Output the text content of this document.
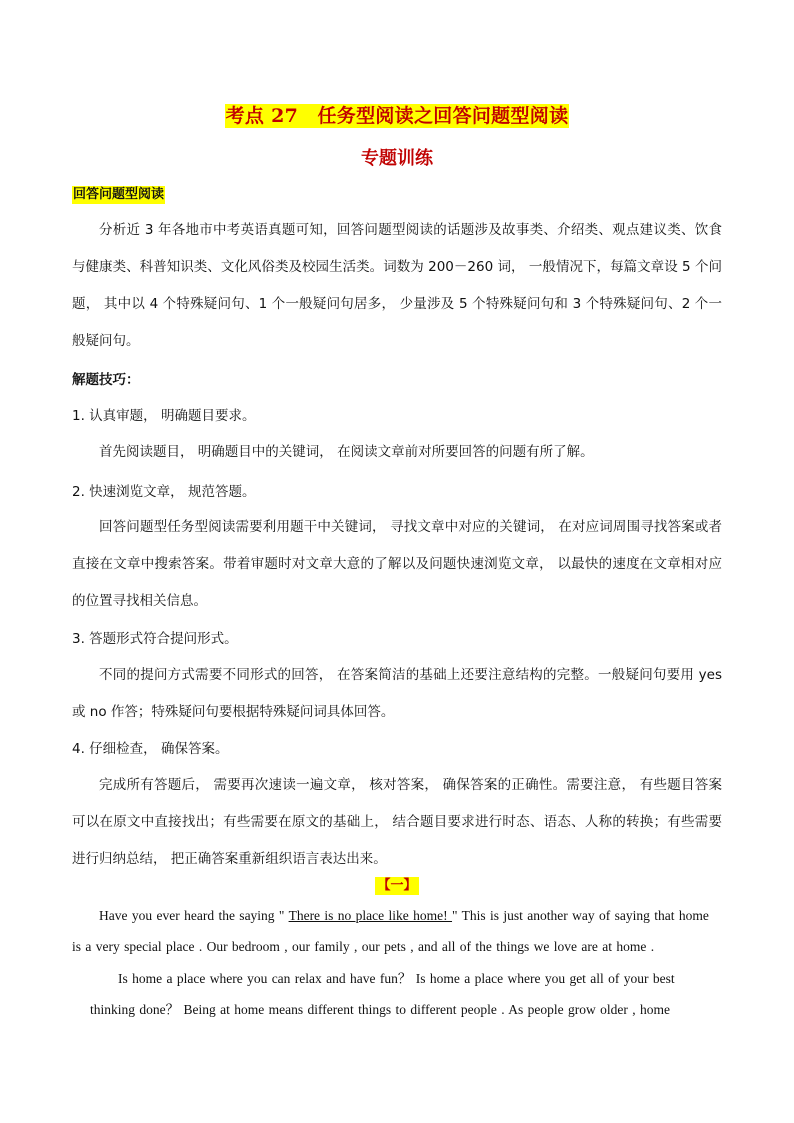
考点 27　任务型阅读之回答问题型阅读
专题训练
回答问题型阅读

分析近 3 年各地市中考英语真题可知，回答问题型阅读的话题涉及故事类、介绍类、观点建议类、饮食与健康类、科普知识类、文化风俗类及校园生活类。词数为 200－260 词， 一般情况下，每篇文章设 5 个问题， 其中以 4 个特殊疑问句、1 个一般疑问句居多， 少量涉及 5 个特殊疑问句和 3 个特殊疑问句、2 个一般疑问句。

解题技巧：
1. 认真审题， 明确题目要求。

首先阅读题目， 明确题目中的关键词， 在阅读文章前对所要回答的问题有所了解。

2. 快速浏览文章， 规范答题。

回答问题型任务型阅读需要利用题干中关键词， 寻找文章中对应的关键词， 在对应词周围寻找答案或者直接在文章中搜索答案。带着审题时对文章大意的了解以及问题快速浏览文章， 以最快的速度在文章相对应的位置寻找相关信息。

3. 答题形式符合提问形式。

不同的提问方式需要不同形式的回答， 在答案简洁的基础上还要注意结构的完整。一般疑问句要用 yes 或 no 作答；特殊疑问句要根据特殊疑问词具体回答。

4. 仔细检查， 确保答案。

完成所有答题后， 需要再次速读一遍文章， 核对答案， 确保答案的正确性。需要注意， 有些题目答案可以在原文中直接找出；有些需要在原文的基础上， 结合题目要求进行时态、语态、人称的转换；有些需要进行归纳总结， 把正确答案重新组织语言表达出来。

【一】
Have you ever heard the saying " There is no place like home! " This is just another way of saying that home
is a very special place . Our bedroom , our family , our pets , and all of the things we love are at home .
Is home a place where you can relax and have fun？ Is home a place where you get all of your best
thinking done？ Being at home means different things to different people . As people grow older , home
